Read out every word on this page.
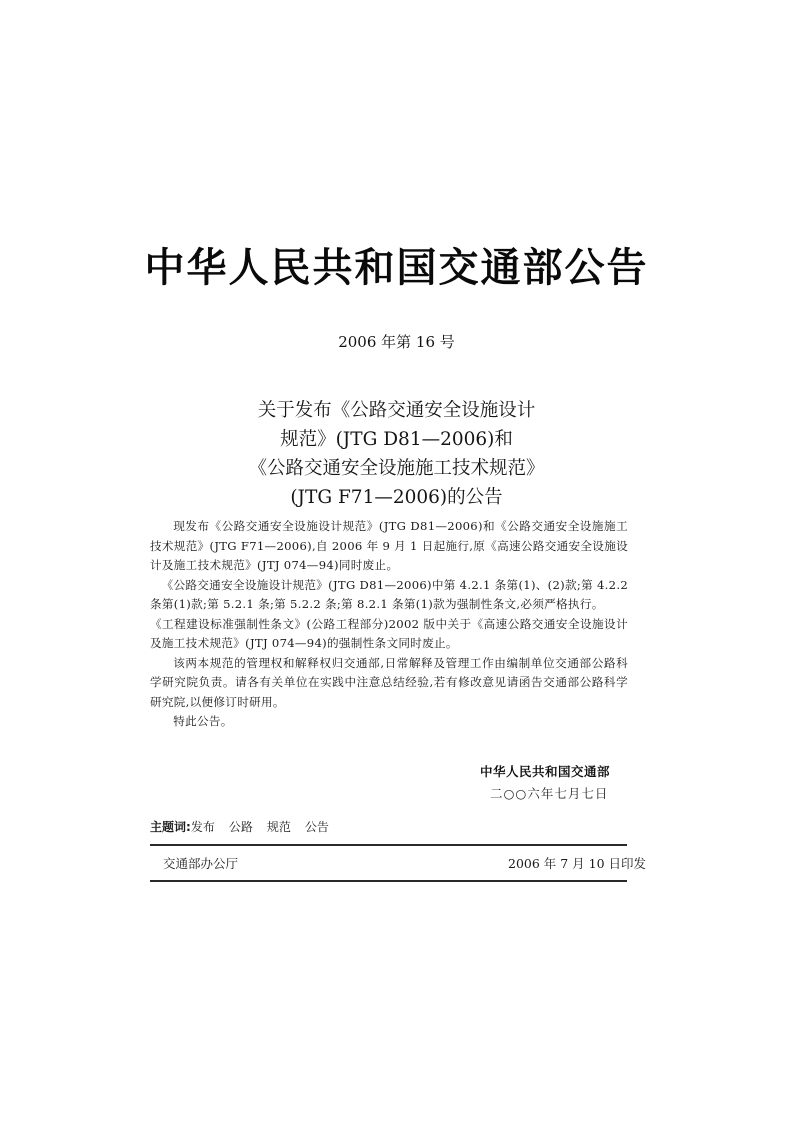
中华人民共和国交通部公告
2006 年第 16 号
关于发布《公路交通安全设施设计
规范》(JTG D81—2006)和
《公路交通安全设施施工技术规范》
(JTG F71—2006)的公告

现发布《公路交通安全设施设计规范》(JTG D81—2006)和《公路交通安全设施施工技术规范》(JTG F71—2006),自 2006 年 9 月 1 日起施行,原《高速公路交通安全设施设计及施工技术规范》(JTJ 074—94)同时废止。

《公路交通安全设施设计规范》(JTG D81—2006)中第 4.2.1 条第(1)、(2)款;第 4.2.2 条第(1)款;第 5.2.1 条;第 5.2.2 条;第 8.2.1 条第(1)款为强制性条文,必须严格执行。

《工程建设标准强制性条文》(公路工程部分)2002 版中关于《高速公路交通安全设施设计及施工技术规范》(JTJ 074—94)的强制性条文同时废止。

该两本规范的管理权和解释权归交通部,日常解释及管理工作由编制单位交通部公路科学研究院负责。请各有关单位在实践中注意总结经验,若有修改意见请函告交通部公路科学研究院,以便修订时研用。

特此公告。

中华人民共和国交通部
二○○六年七月七日
主题词:发布 公路 规范 公告
交通部办公厅	2006 年 7 月 10 日印发
